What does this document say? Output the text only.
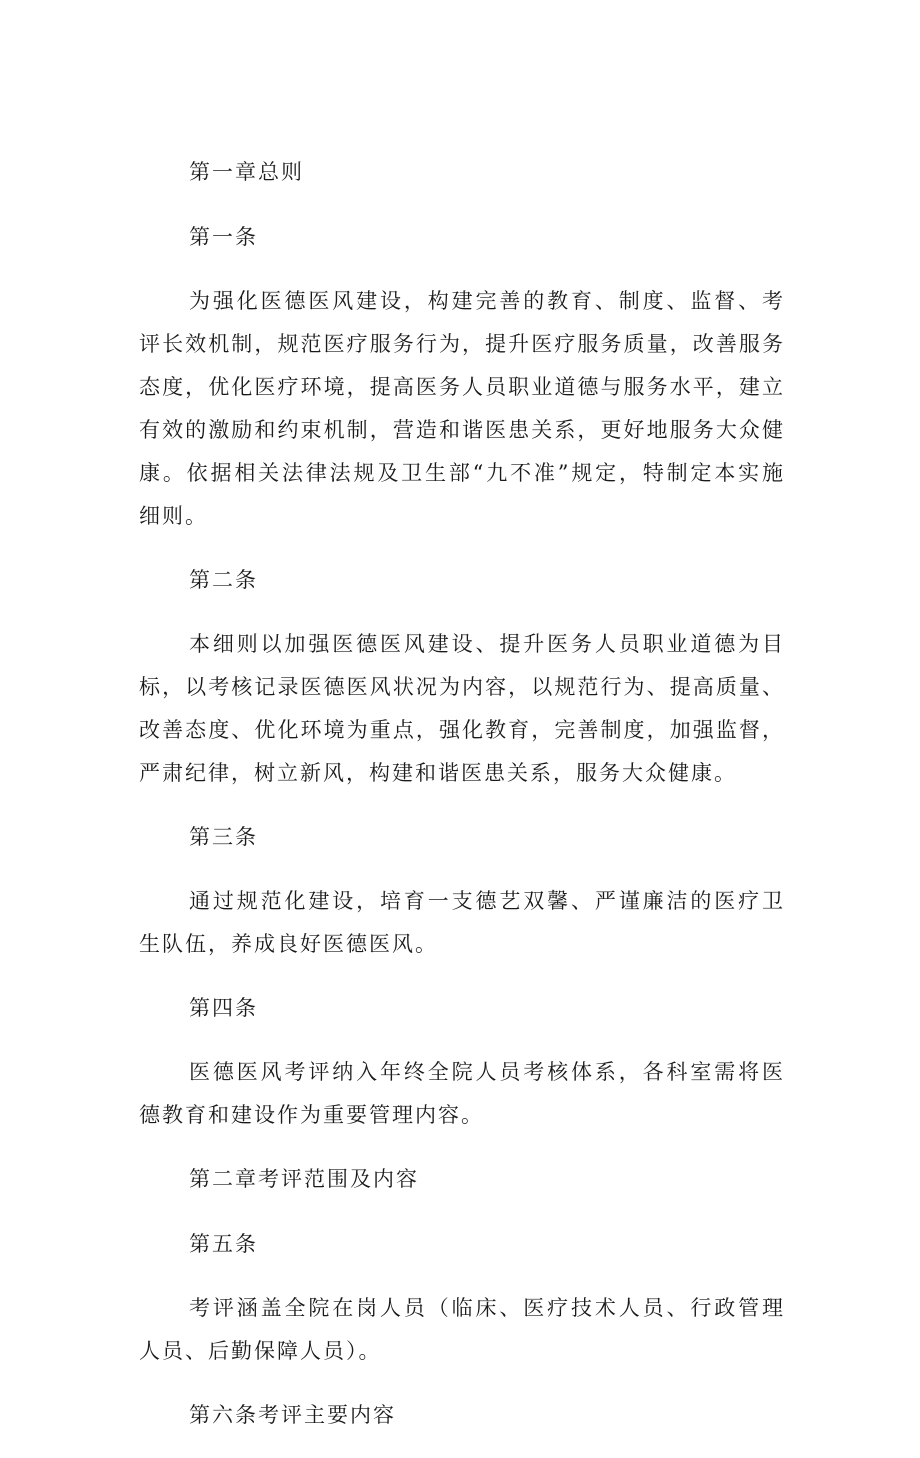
第一章总则
第一条
为强化医德医风建设，构建完善的教育、制度、监督、考评长效机制，规范医疗服务行为，提升医疗服务质量，改善服务态度，优化医疗环境，提高医务人员职业道德与服务水平，建立有效的激励和约束机制，营造和谐医患关系，更好地服务大众健康。依据相关法律法规及卫生部“九不准”规定，特制定本实施细则。
第二条
本细则以加强医德医风建设、提升医务人员职业道德为目标，以考核记录医德医风状况为内容，以规范行为、提高质量、改善态度、优化环境为重点，强化教育，完善制度，加强监督，严肃纪律，树立新风，构建和谐医患关系，服务大众健康。
第三条
通过规范化建设，培育一支德艺双馨、严谨廉洁的医疗卫生队伍，养成良好医德医风。
第四条
医德医风考评纳入年终全院人员考核体系，各科室需将医德教育和建设作为重要管理内容。
第二章考评范围及内容
第五条
考评涵盖全院在岗人员（临床、医疗技术人员、行政管理人员、后勤保障人员）。
第六条考评主要内容
